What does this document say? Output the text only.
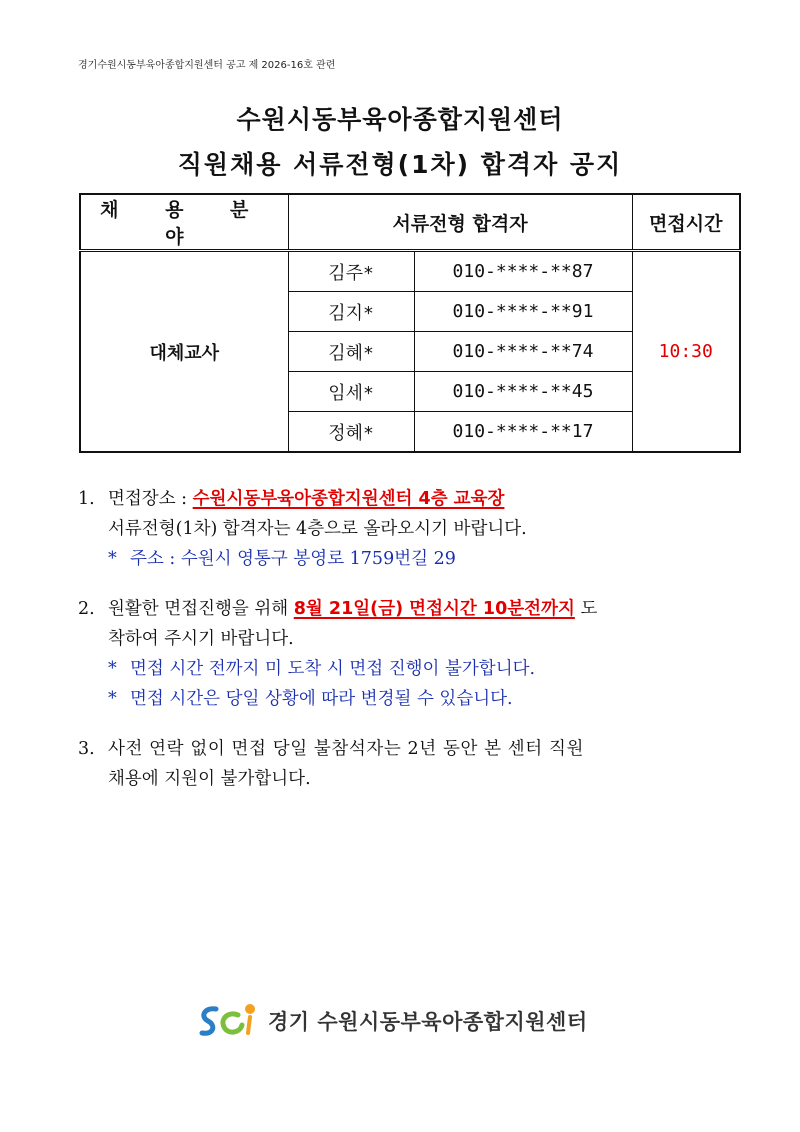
경기수원시동부육아종합지원센터 공고 제 2026-16호 관련
수원시동부육아종합지원센터
직원채용 서류전형(1차) 합격자 공지
채 용 분 야	서류전형 합격자		면접시간
대체교사	김주*	010-****-**87	10:30
	김지*	010-****-**91	
	김혜*	010-****-**74	
	임세*	010-****-**45	
	정혜*	010-****-**17	
1. 면접장소 : 수원시동부육아종합지원센터 4층 교육장
서류전형(1차) 합격자는 4층으로 올라오시기 바랍니다.
* 주소 : 수원시 영통구 봉영로 1759번길 29
2. 원활한 면접진행을 위해 8월 21일(금) 면접시간 10분전까지 도
착하여 주시기 바랍니다.
* 면접 시간 전까지 미 도착 시 면접 진행이 불가합니다.
* 면접 시간은 당일 상황에 따라 변경될 수 있습니다.
3. 사전 연락 없이 면접 당일 불참석자는 2년 동안 본 센터 직원
채용에 지원이 불가합니다.
경기 수원시동부육아종합지원센터
